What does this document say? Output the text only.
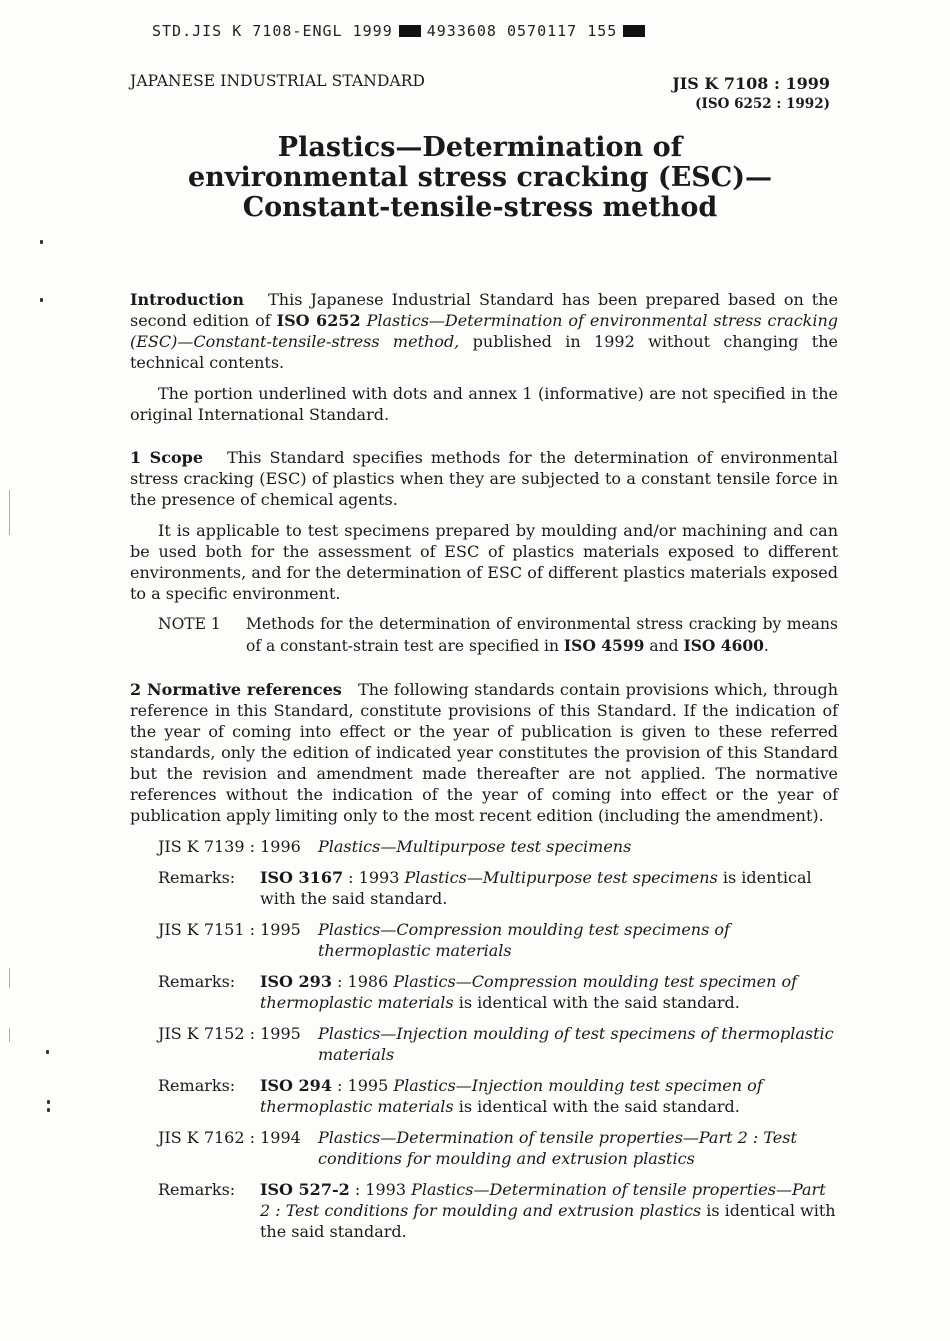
STD.JIS K 7108-ENGL 1999 4933608 0570117 155
JAPANESE INDUSTRIAL STANDARD	JIS K 7108 : 1999
(ISO 6252 : 1992)
Plastics—Determination of
environmental stress cracking (ESC)—
Constant-tensile-stress method

Introduction This Japanese Industrial Standard has been prepared based on the second edition of ISO 6252 Plastics—Determination of environmental stress cracking (ESC)—Constant-tensile-stress method, published in 1992 without changing the technical contents.

The portion underlined with dots and annex 1 (informative) are not specified in the original International Standard.

1 Scope This Standard specifies methods for the determination of environmental stress cracking (ESC) of plastics when they are subjected to a constant tensile force in the presence of chemical agents.

It is applicable to test specimens prepared by moulding and/or machining and can be used both for the assessment of ESC of plastics materials exposed to different environments, and for the determination of ESC of different plastics materials exposed to a specific environment.

NOTE 1	Methods for the determination of environmental stress cracking by means of a constant-strain test are specified in ISO 4599 and ISO 4600.

2 Normative references The following standards contain provisions which, through reference in this Standard, constitute provisions of this Standard. If the indication of the year of coming into effect or the year of publication is given to these referred standards, only the edition of indicated year constitutes the provision of this Standard but the revision and amendment made thereafter are not applied. The normative references without the indication of the year of coming into effect or the year of publication apply limiting only to the most recent edition (including the amendment).

JIS K 7139 : 1996	Plastics—Multipurpose test specimens
Remarks:	ISO 3167 : 1993 Plastics—Multipurpose test specimens is identical with the said standard.
JIS K 7151 : 1995	Plastics—Compression moulding test specimens of thermoplastic materials
Remarks:	ISO 293 : 1986 Plastics—Compression moulding test specimen of thermoplastic materials is identical with the said standard.
JIS K 7152 : 1995	Plastics—Injection moulding of test specimens of thermoplastic materials
Remarks:	ISO 294 : 1995 Plastics—Injection moulding test specimen of thermoplastic materials is identical with the said standard.
JIS K 7162 : 1994	Plastics—Determination of tensile properties—Part 2 : Test conditions for moulding and extrusion plastics
Remarks:	ISO 527-2 : 1993 Plastics—Determination of tensile properties—Part 2 : Test conditions for moulding and extrusion plastics is identical with the said standard.
